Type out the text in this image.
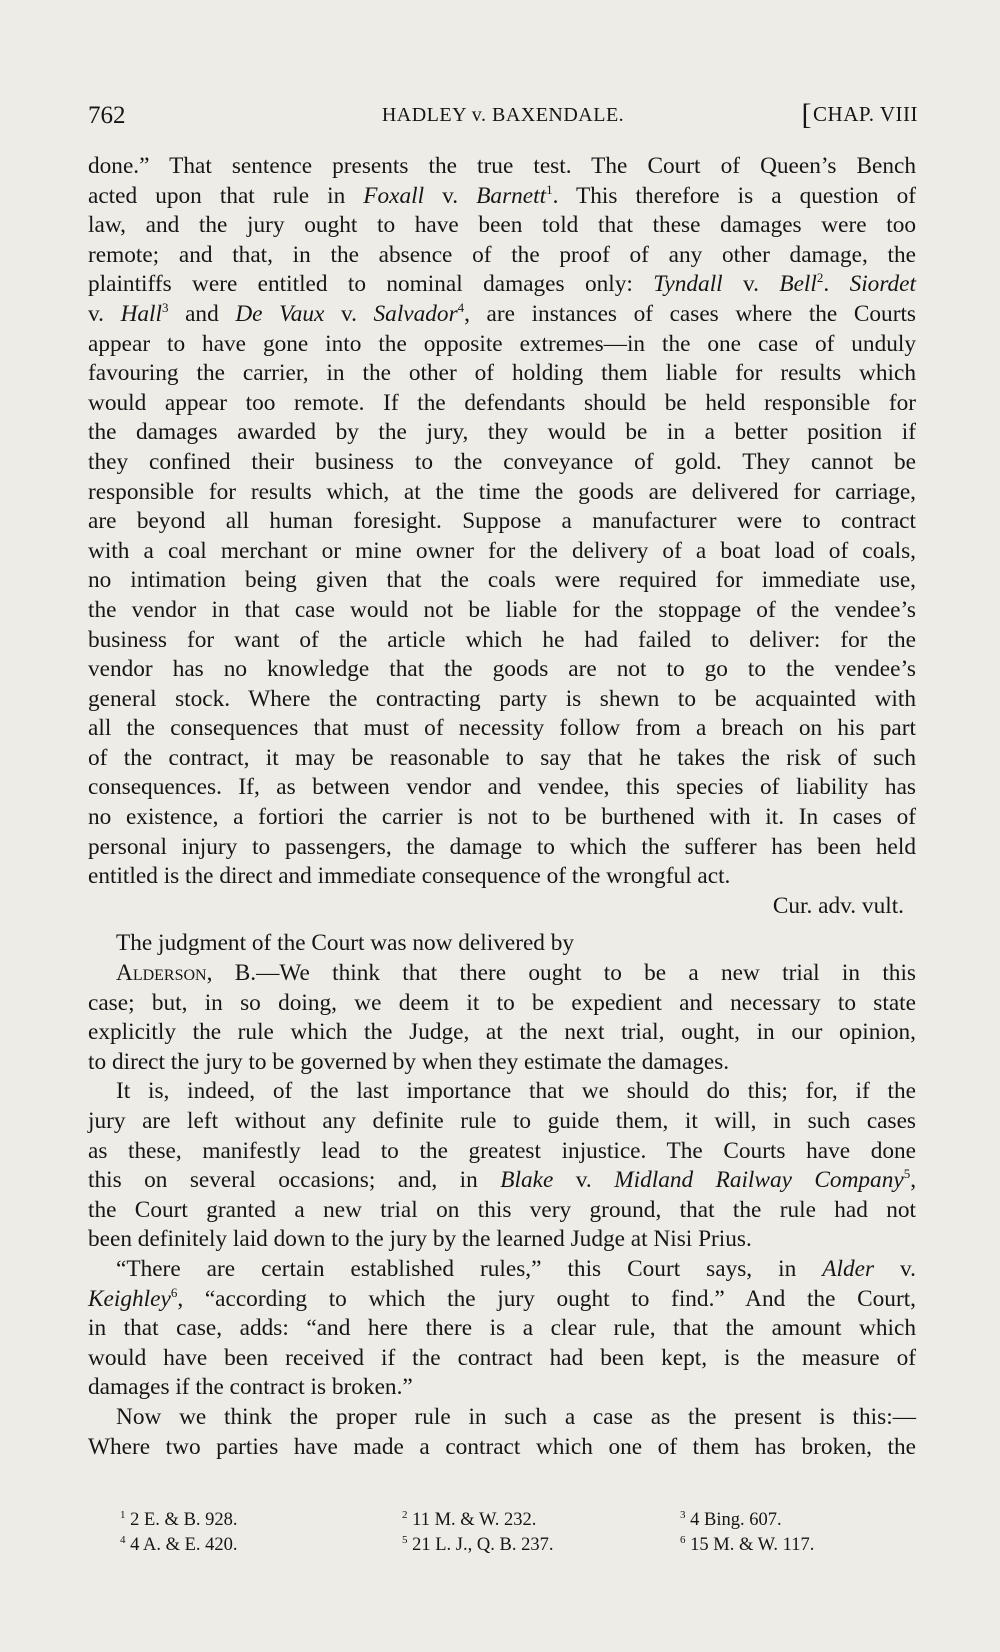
762	HADLEY v. BAXENDALE.	[CHAP. VIII
done.” That sentence presents the true test. The Court of Queen’s Bench
acted upon that rule in Foxall v. Barnett$^1$. This therefore is a question of
law, and the jury ought to have been told that these damages were too
remote; and that, in the absence of the proof of any other damage, the
plaintiffs were entitled to nominal damages only: Tyndall v. Bell$^2$. Siordet
v. Hall$^3$ and De Vaux v. Salvador$^4$, are instances of cases where the Courts
appear to have gone into the opposite extremes—in the one case of unduly
favouring the carrier, in the other of holding them liable for results which
would appear too remote. If the defendants should be held responsible for
the damages awarded by the jury, they would be in a better position if
they confined their business to the conveyance of gold. They cannot be
responsible for results which, at the time the goods are delivered for carriage,
are beyond all human foresight. Suppose a manufacturer were to contract
with a coal merchant or mine owner for the delivery of a boat load of coals,
no intimation being given that the coals were required for immediate use,
the vendor in that case would not be liable for the stoppage of the vendee’s
business for want of the article which he had failed to deliver: for the
vendor has no knowledge that the goods are not to go to the vendee’s
general stock. Where the contracting party is shewn to be acquainted with
all the consequences that must of necessity follow from a breach on his part
of the contract, it may be reasonable to say that he takes the risk of such
consequences. If, as between vendor and vendee, this species of liability has
no existence, a fortiori the carrier is not to be burthened with it. In cases of
personal injury to passengers, the damage to which the sufferer has been held
entitled is the direct and immediate consequence of the wrongful act.
Cur. adv. vult.
The judgment of the Court was now delivered by
Alderson, B.—We think that there ought to be a new trial in this
case; but, in so doing, we deem it to be expedient and necessary to state
explicitly the rule which the Judge, at the next trial, ought, in our opinion,
to direct the jury to be governed by when they estimate the damages.
It is, indeed, of the last importance that we should do this; for, if the
jury are left without any definite rule to guide them, it will, in such cases
as these, manifestly lead to the greatest injustice. The Courts have done
this on several occasions; and, in Blake v. Midland Railway Company$^5$,
the Court granted a new trial on this very ground, that the rule had not
been definitely laid down to the jury by the learned Judge at Nisi Prius.
“There are certain established rules,” this Court says, in Alder v.
Keighley$^6$, “according to which the jury ought to find.” And the Court,
in that case, adds: “and here there is a clear rule, that the amount which
would have been received if the contract had been kept, is the measure of
damages if the contract is broken.”
Now we think the proper rule in such a case as the present is this:—
Where two parties have made a contract which one of them has broken, the
$^1$ 2 E. & B. 928.	$^2$ 11 M. & W. 232.	$^3$ 4 Bing. 607.
$^4$ 4 A. & E. 420.	$^5$ 21 L. J., Q. B. 237.	$^6$ 15 M. & W. 117.
